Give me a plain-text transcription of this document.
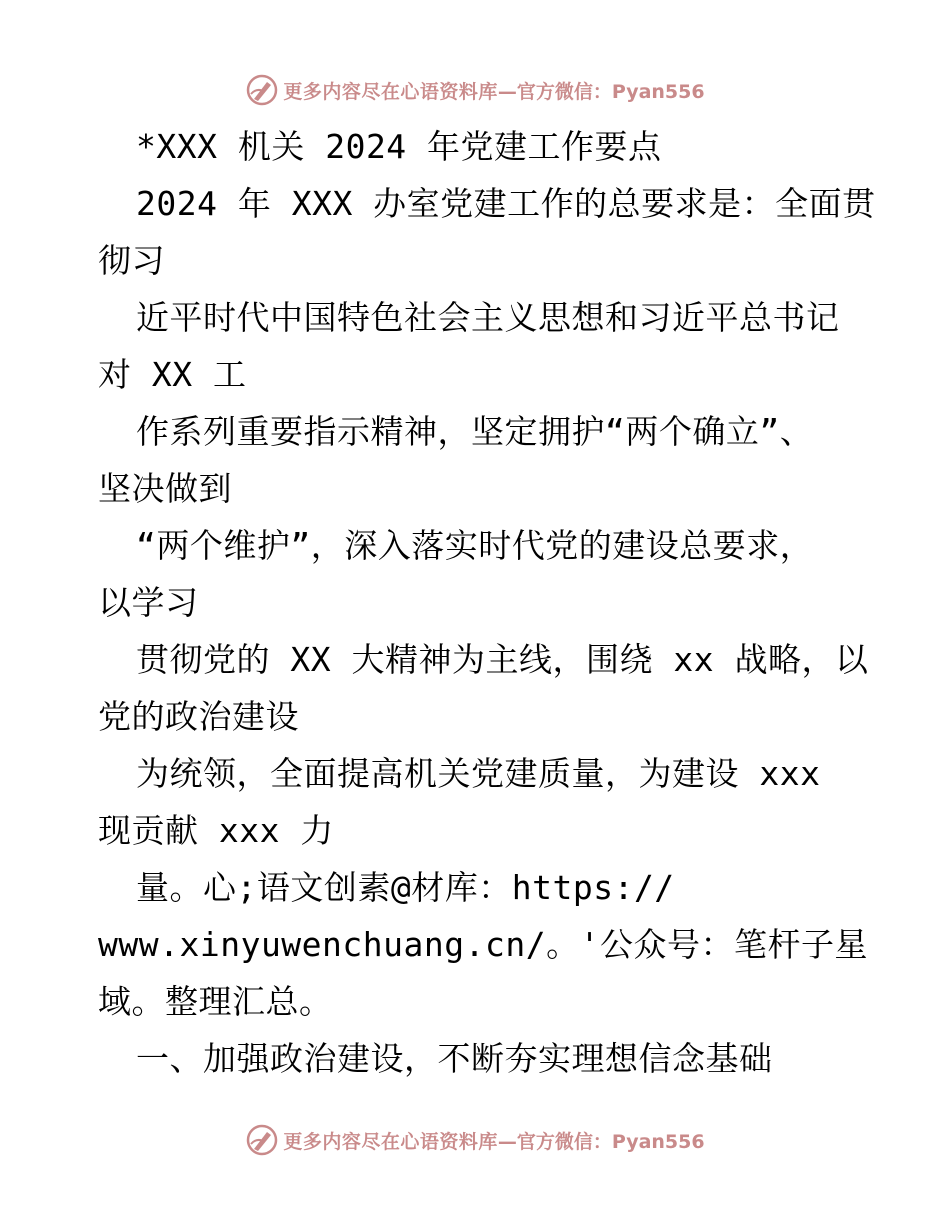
更多内容尽在心语资料库 —官方微信：Pyan556
*XXX 机关 2024 年党建工作要点
2024 年 XXX 办室党建工作的总要求是：全面贯
彻习
近平时代中国特色社会主义思想和习近平总书记
对 XX 工
作系列重要指示精神，坚定拥护“两个确立”、
坚决做到
“两个维护”，深入落实时代党的建设总要求，
以学习
贯彻党的 XX 大精神为主线，围绕 xx 战略，以
党的政治建设
为统领，全面提高机关党建质量，为建设 xxx
现贡献 xxx 力
量。心;语文创素@材库：https://
www.xinyuwenchuang.cn/。'公众号：笔杆子星
域。整理汇总。
一、加强政治建设，不断夯实理想信念基础
更多内容尽在心语资料库 —官方微信：Pyan556
